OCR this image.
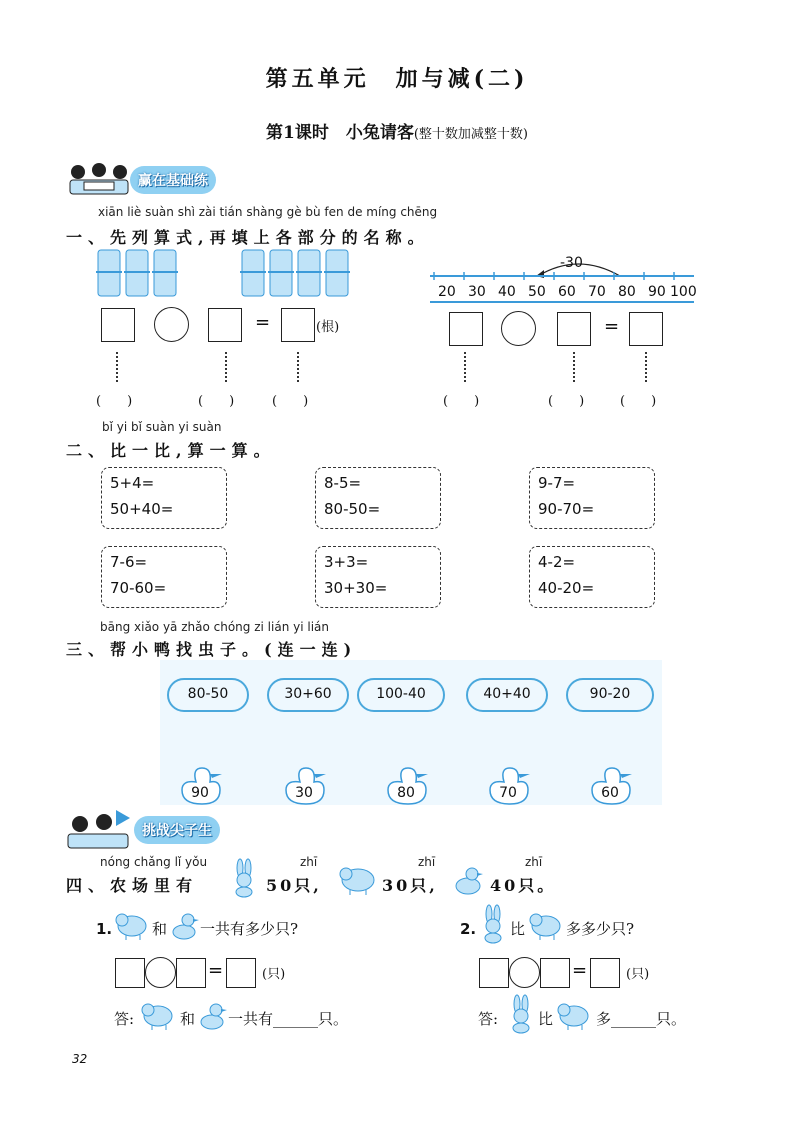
第五单元　加与减(二)
第1课时　小兔请客(整十数加减整十数)
赢在基础练
xiān liè suàn shì zài tián shàng gè bù fen de míng chēng
一、先列算式,再填上各部分的名称。
=	(根)
(　　)	(　　)	(　　)
-30
20 30 40 50 60 70 80 90 100
=
(　　)	(　　)	(　　)
bǐ yi bǐ suàn yi suàn
二、比一比,算一算。
5+4=
50+40=
8-5=
80-50=
9-7=
90-70=
7-6=
70-60=
3+3=
30+30=
4-2=
40-20=
bāng xiǎo yā zhǎo chóng zi lián yi lián
三、帮小鸭找虫子。(连一连)
80-50	30+60	100-40	40+40	90-20
90	30	80	70	60
挑战尖子生
nóng chǎng lǐ yǒu	zhī	zhī	zhī
四、农场里有	50只,	30只,	40只。
1.	和 一共有多少只?
=	(只)
答:	和 一共有______只。
2. 比	多多少只?
=	(只)
答:	比	多______只。
32
